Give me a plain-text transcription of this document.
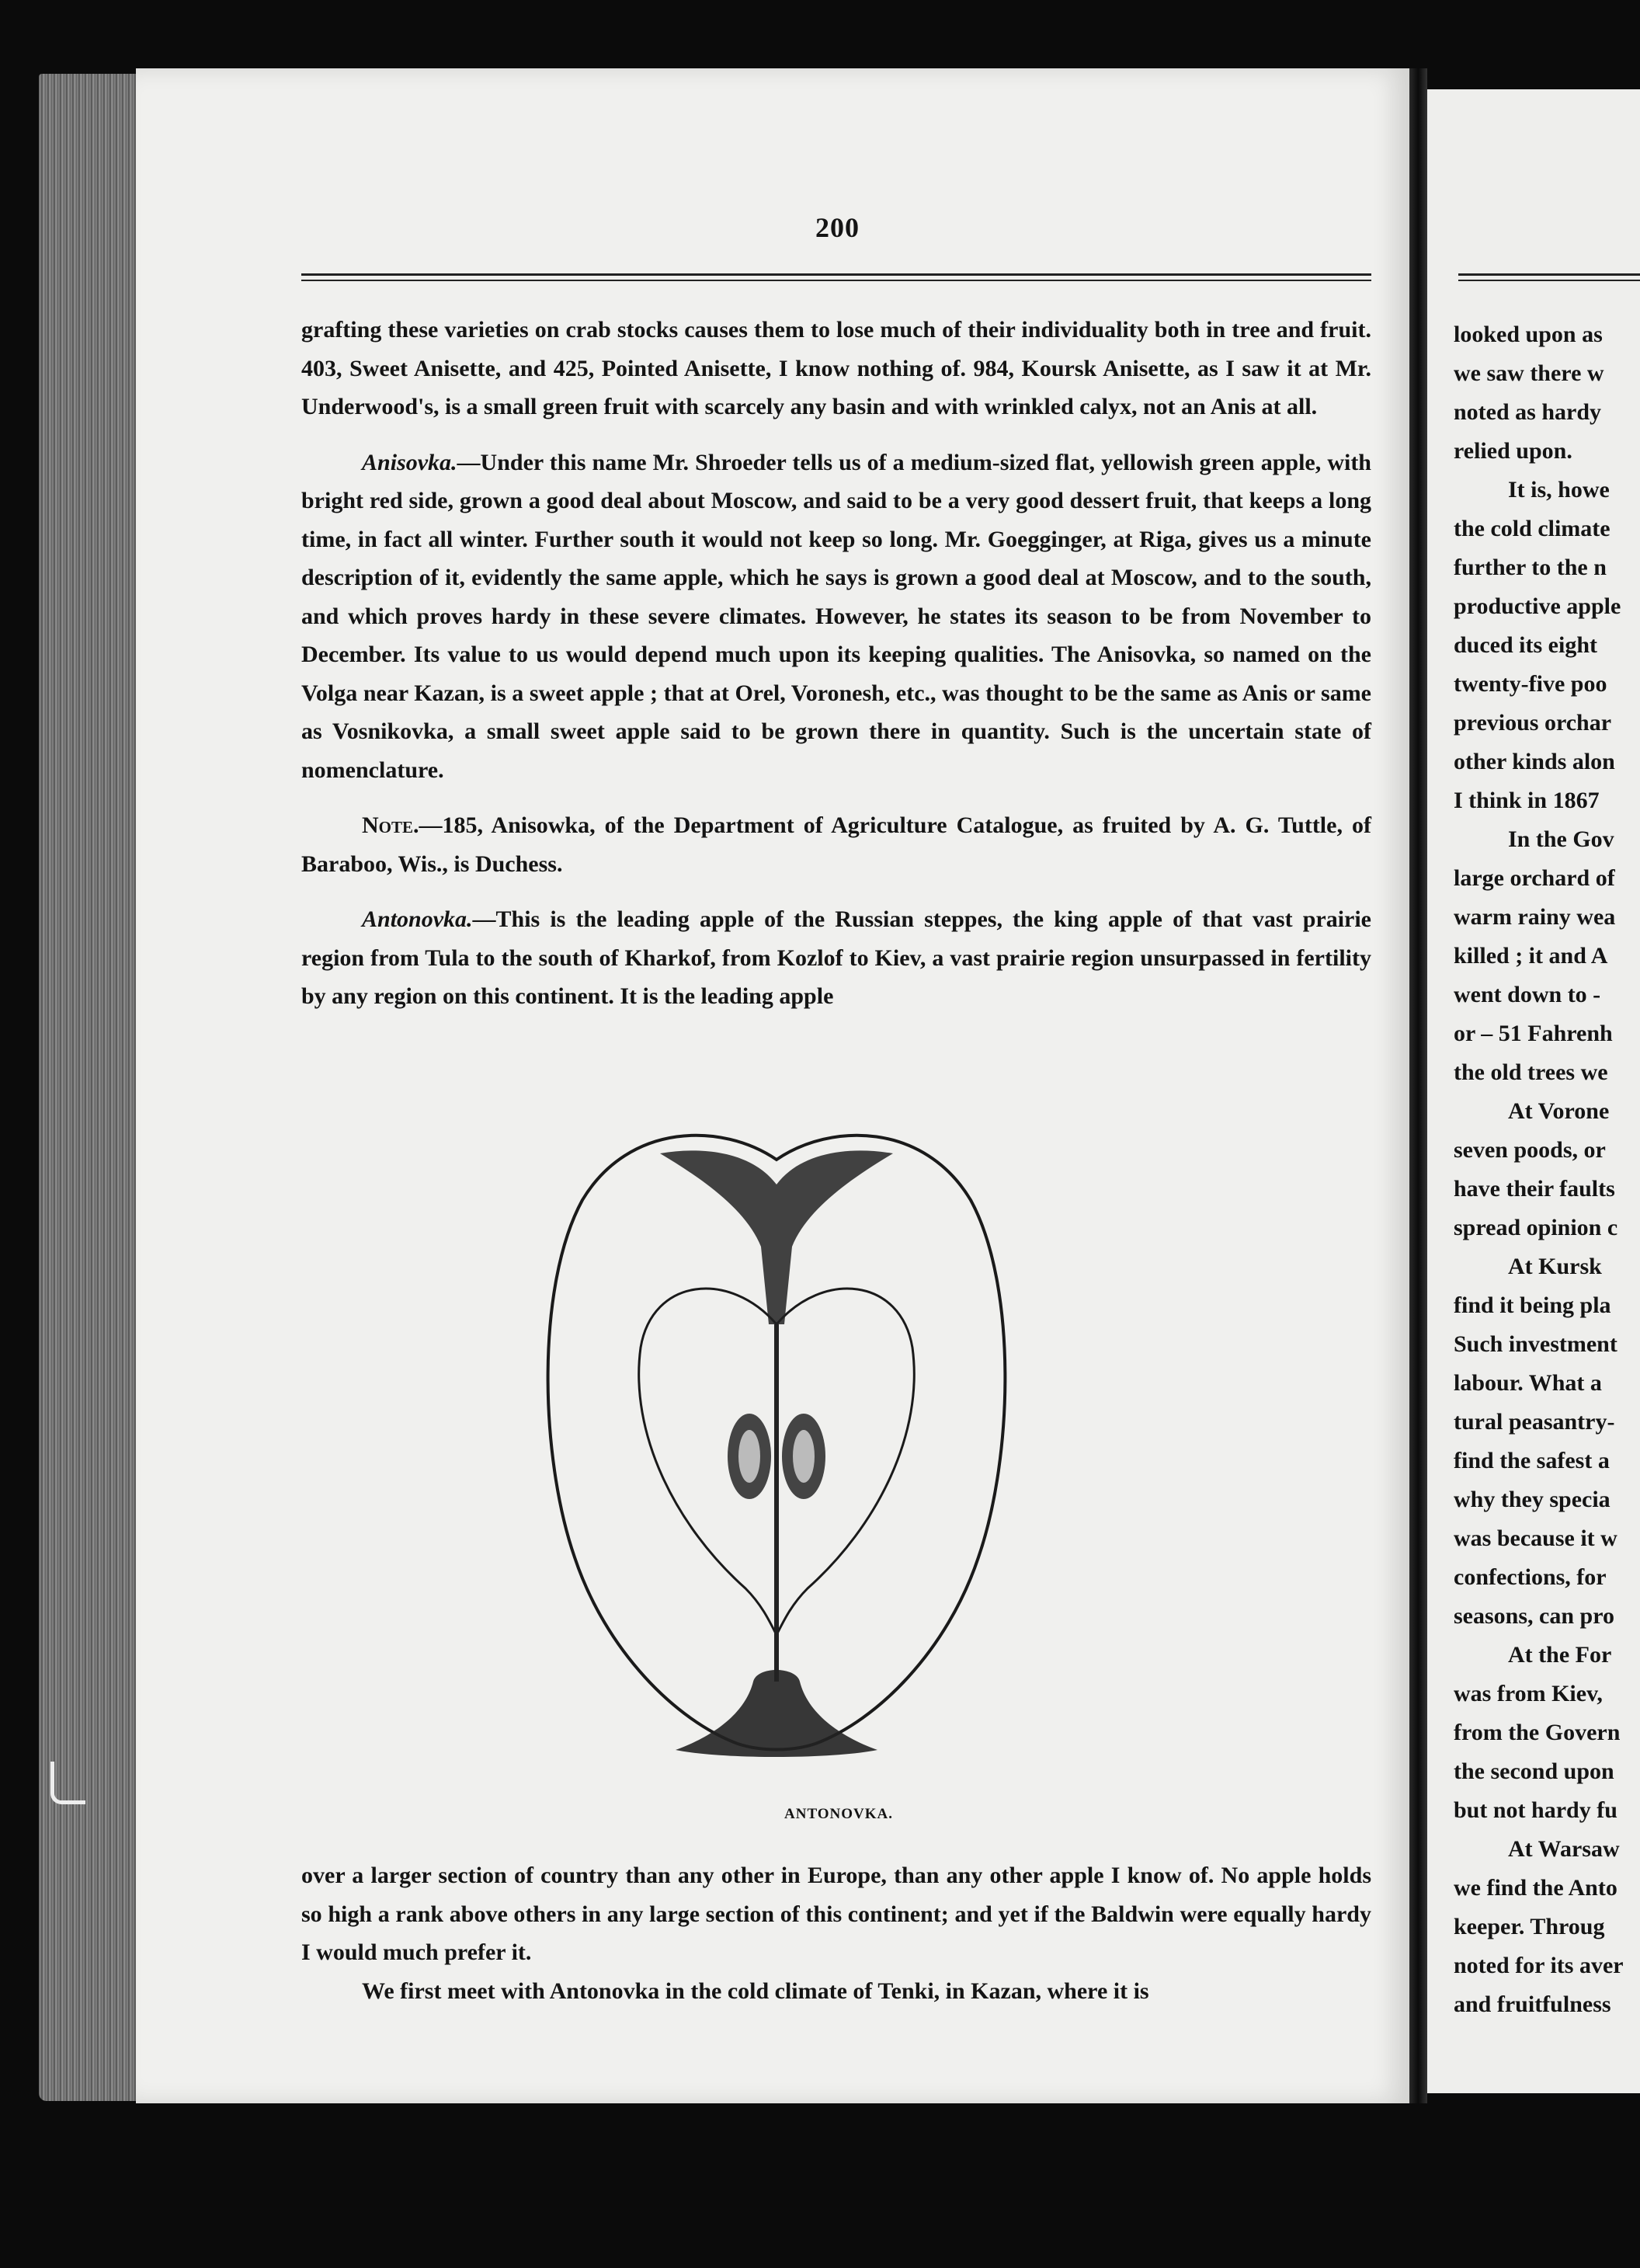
200

grafting these varieties on crab stocks causes them to lose much of their individuality both in tree and fruit. 403, Sweet Anisette, and 425, Pointed Anisette, I know nothing of. 984, Koursk Anisette, as I saw it at Mr. Underwood's, is a small green fruit with scarcely any basin and with wrinkled calyx, not an Anis at all.

Anisovka.—Under this name Mr. Shroeder tells us of a medium-sized flat, yellowish green apple, with bright red side, grown a good deal about Moscow, and said to be a very good dessert fruit, that keeps a long time, in fact all winter. Further south it would not keep so long. Mr. Goegginger, at Riga, gives us a minute description of it, evidently the same apple, which he says is grown a good deal at Moscow, and to the south, and which proves hardy in these severe climates. However, he states its season to be from November to December. Its value to us would depend much upon its keeping qualities. The Anisovka, so named on the Volga near Kazan, is a sweet apple ; that at Orel, Voronesh, etc., was thought to be the same as Anis or same as Vosnikovka, a small sweet apple said to be grown there in quantity. Such is the uncertain state of nomenclature.

Note.—185, Anisowka, of the Department of Agriculture Catalogue, as fruited by A. G. Tuttle, of Baraboo, Wis., is Duchess.

Antonovka.—This is the leading apple of the Russian steppes, the king apple of that vast prairie region from Tula to the south of Kharkof, from Kozlof to Kiev, a vast prairie region unsurpassed in fertility by any region on this continent. It is the leading apple

ANTONOVKA.

over a larger section of country than any other in Europe, than any other apple I know of. No apple holds so high a rank above others in any large section of this continent; and yet if the Baldwin were equally hardy I would much prefer it.

We first meet with Antonovka in the cold climate of Tenki, in Kazan, where it is

looked upon as
we saw there w
noted as hardy
relied upon.
It is, howe
the cold climate
further to the n
productive apple
duced its eight
twenty-five poo
previous orchar
other kinds alon
I think in 1867
In the Gov
large orchard of
warm rainy wea
killed ; it and A
went down to -
or – 51 Fahrenh
the old trees we
At Vorone
seven poods, or
have their faults
spread opinion c
At Kursk
find it being pla
Such investment
labour. What a
tural peasantry-
find the safest a
why they specia
was because it w
confections, for
seasons, can pro
At the For
was from Kiev,
from the Govern
the second upon
but not hardy fu
At Warsaw
we find the Anto
keeper. Throug
noted for its aver
and fruitfulness
